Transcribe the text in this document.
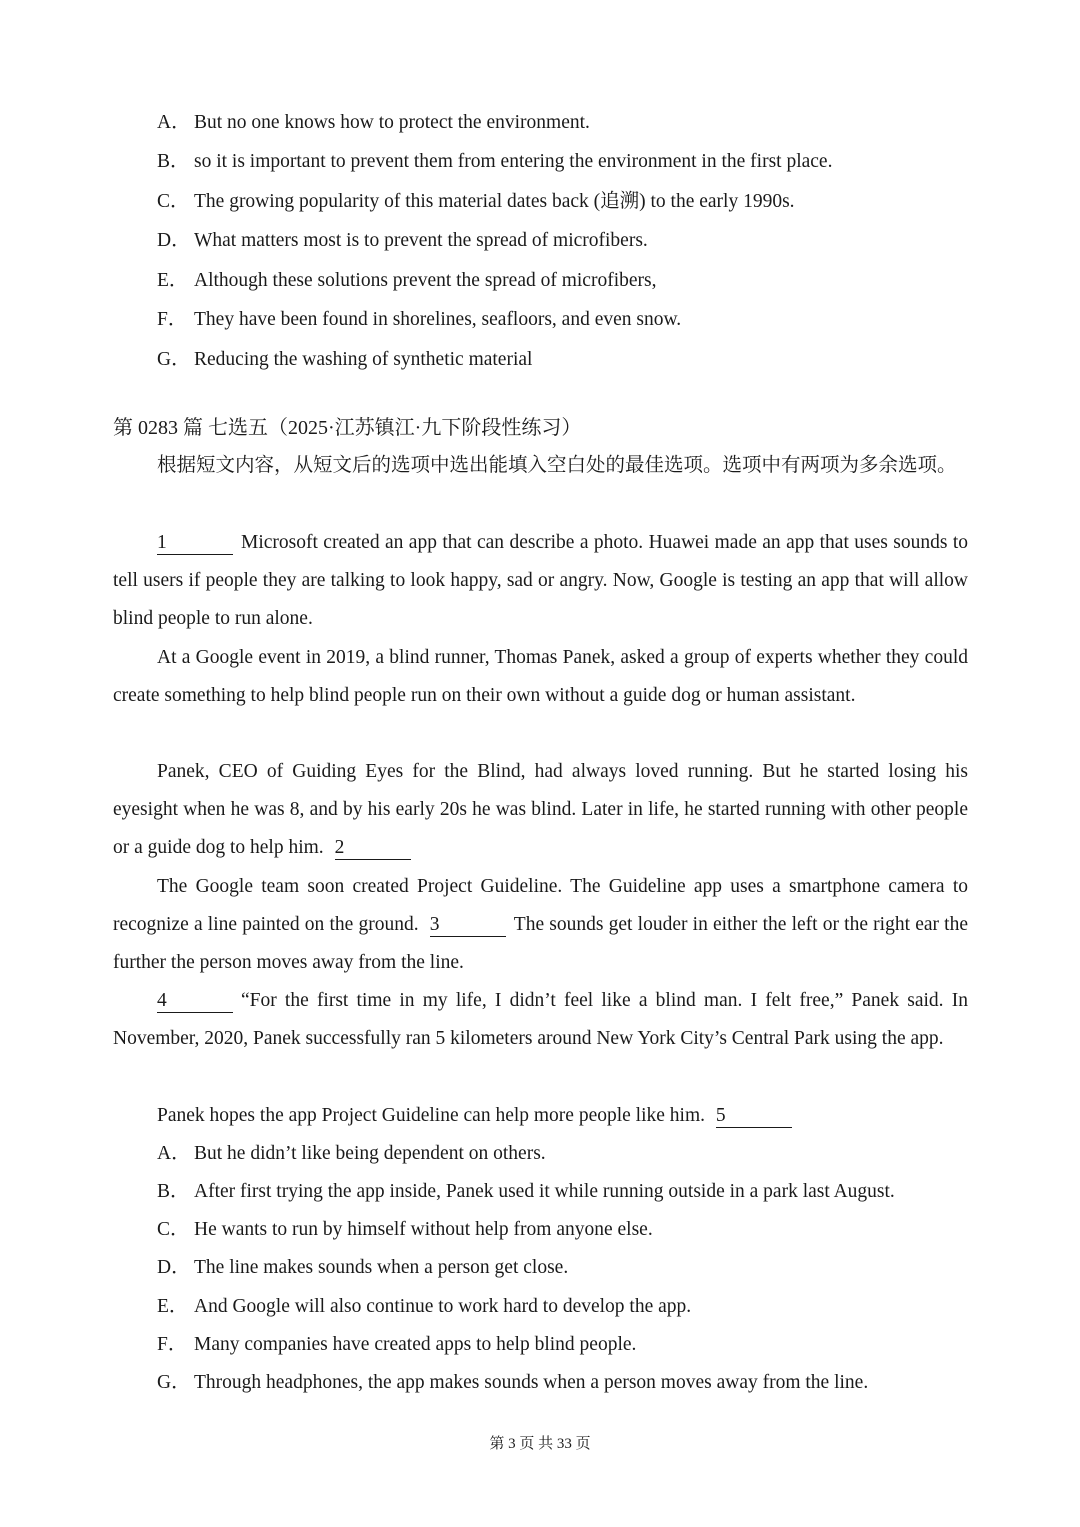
A． But no one knows how to protect the environment.
B． so it is important to prevent them from entering the environment in the first place.
C． The growing popularity of this material dates back (追溯) to the early 1990s.
D． What matters most is to prevent the spread of microfibers.
E． Although these solutions prevent the spread of microfibers,
F． They have been found in shorelines, seafloors, and even snow.
G． Reducing the washing of synthetic material
第 0283 篇 七选五（2025·江苏镇江·九下阶段性练习）
根据短文内容，从短文后的选项中选出能填入空白处的最佳选项。选项中有两项为多余选项。
1	Microsoft created an app that can describe a photo. Huawei made an app that uses sounds to tell users if people they are talking to look happy, sad or angry. Now, Google is testing an app that will allow blind people to run alone.
At a Google event in 2019, a blind runner, Thomas Panek, asked a group of experts whether they could create something to help blind people run on their own without a guide dog or human assistant.
Panek, CEO of Guiding Eyes for the Blind, had always loved running. But he started losing his eyesight when he was 8, and by his early 20s he was blind. Later in life, he started running with other people or a guide dog to help him. 2
The Google team soon created Project Guideline. The Guideline app uses a smartphone camera to recognize a line painted on the ground. 3	The sounds get louder in either the left or the right ear the further the person moves away from the line.
4	“For the first time in my life, I didn’t feel like a blind man. I felt free,” Panek said. In November, 2020, Panek successfully ran 5 kilometers around New York City’s Central Park using the app.
Panek hopes the app Project Guideline can help more people like him. 5
A． But he didn’t like being dependent on others.
B． After first trying the app inside, Panek used it while running outside in a park last August.
C． He wants to run by himself without help from anyone else.
D． The line makes sounds when a person get close.
E． And Google will also continue to work hard to develop the app.
F． Many companies have created apps to help blind people.
G． Through headphones, the app makes sounds when a person moves away from the line.
第 3 页 共 33 页
